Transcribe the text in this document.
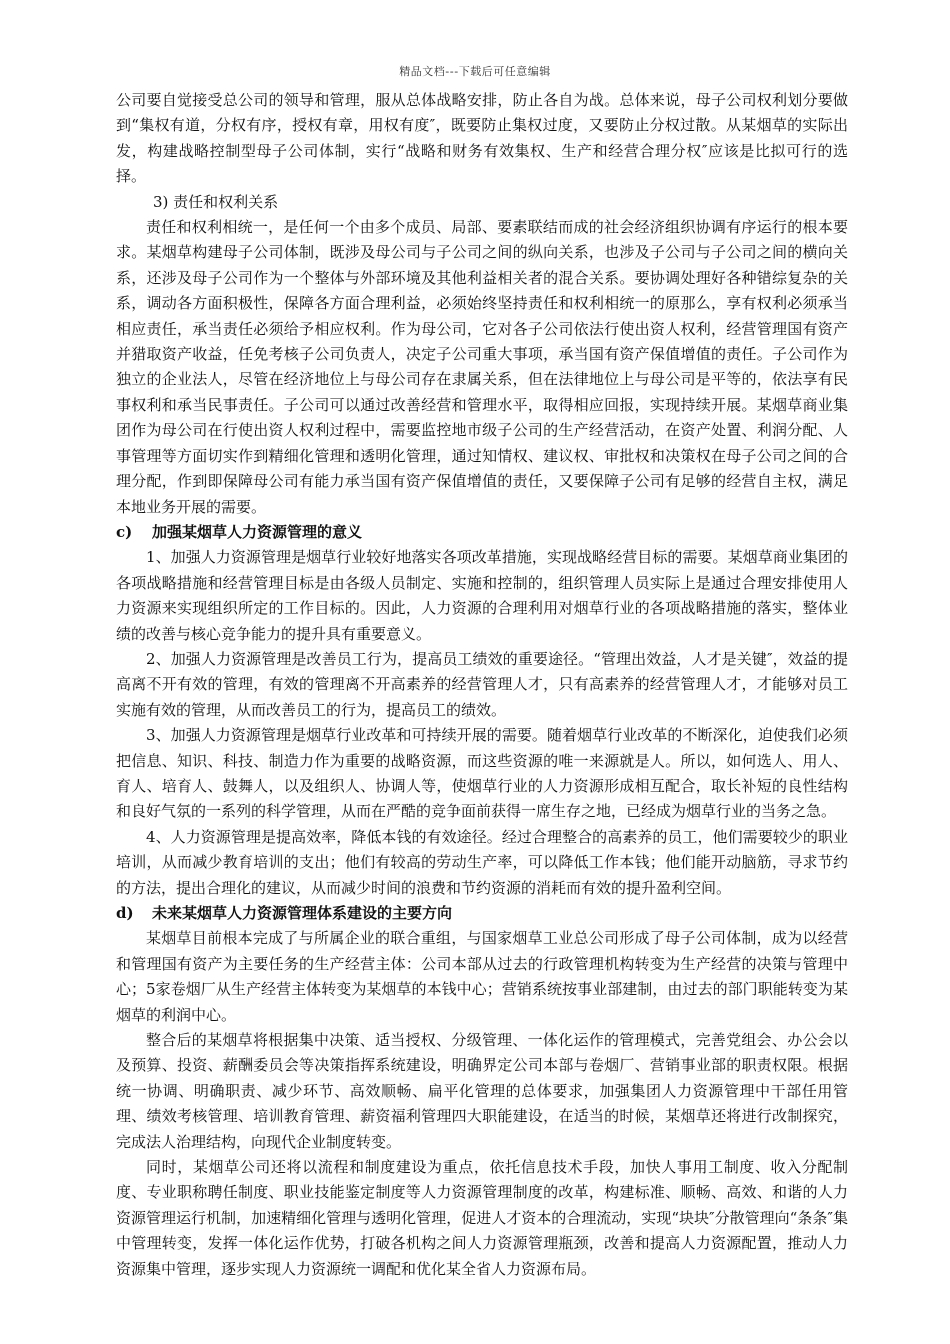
精品文档---下载后可任意编辑

公司要自觉接受总公司的领导和管理，服从总体战略安排，防止各自为战。总体来说，母子公司权利划分要做到“集权有道，分权有序，授权有章，用权有度″，既要防止集权过度，又要防止分权过散。从某烟草的实际出发，构建战略控制型母子公司体制，实行“战略和财务有效集权、生产和经营合理分权″应该是比拟可行的选择。

3) 责任和权利关系

责任和权利相统一，是任何一个由多个成员、局部、要素联结而成的社会经济组织协调有序运行的根本要求。某烟草构建母子公司体制，既涉及母公司与子公司之间的纵向关系，也涉及子公司与子公司之间的横向关系，还涉及母子公司作为一个整体与外部环境及其他利益相关者的混合关系。要协调处理好各种错综复杂的关系，调动各方面积极性，保障各方面合理利益，必须始终坚持责任和权利相统一的原那么，享有权利必须承当相应责任，承当责任必须给予相应权利。作为母公司，它对各子公司依法行使出资人权利，经营管理国有资产并猎取资产收益，任免考核子公司负责人，决定子公司重大事项，承当国有资产保值增值的责任。子公司作为独立的企业法人，尽管在经济地位上与母公司存在隶属关系，但在法律地位上与母公司是平等的，依法享有民事权利和承当民事责任。子公司可以通过改善经营和管理水平，取得相应回报，实现持续开展。某烟草商业集团作为母公司在行使出资人权利过程中，需要监控地市级子公司的生产经营活动，在资产处置、利润分配、人事管理等方面切实作到精细化管理和透明化管理，通过知情权、建议权、审批权和决策权在母子公司之间的合理分配，作到即保障母公司有能力承当国有资产保值增值的责任，又要保障子公司有足够的经营自主权，满足本地业务开展的需要。

c) 加强某烟草人力资源管理的意义

1、加强人力资源管理是烟草行业较好地落实各项改革措施，实现战略经营目标的需要。某烟草商业集团的各项战略措施和经营管理目标是由各级人员制定、实施和控制的，组织管理人员实际上是通过合理安排使用人力资源来实现组织所定的工作目标的。因此，人力资源的合理利用对烟草行业的各项战略措施的落实，整体业绩的改善与核心竞争能力的提升具有重要意义。

2、加强人力资源管理是改善员工行为，提高员工绩效的重要途径。“管理出效益，人才是关键″，效益的提高离不开有效的管理，有效的管理离不开高素养的经营管理人才，只有高素养的经营管理人才，才能够对员工实施有效的管理，从而改善员工的行为，提高员工的绩效。

3、加强人力资源管理是烟草行业改革和可持续开展的需要。随着烟草行业改革的不断深化，迫使我们必须把信息、知识、科技、制造力作为重要的战略资源，而这些资源的唯一来源就是人。所以，如何选人、用人、育人、培育人、鼓舞人，以及组织人、协调人等，使烟草行业的人力资源形成相互配合，取长补短的良性结构和良好气氛的一系列的科学管理，从而在严酷的竞争面前获得一席生存之地，已经成为烟草行业的当务之急。

4、人力资源管理是提高效率，降低本钱的有效途径。经过合理整合的高素养的员工，他们需要较少的职业培训，从而减少教育培训的支出；他们有较高的劳动生产率，可以降低工作本钱；他们能开动脑筋，寻求节约的方法，提出合理化的建议，从而减少时间的浪费和节约资源的消耗而有效的提升盈利空间。

d) 未来某烟草人力资源管理体系建设的主要方向

某烟草目前根本完成了与所属企业的联合重组，与国家烟草工业总公司形成了母子公司体制，成为以经营和管理国有资产为主要任务的生产经营主体：公司本部从过去的行政管理机构转变为生产经营的决策与管理中心；5家卷烟厂从生产经营主体转变为某烟草的本钱中心；营销系统按事业部建制，由过去的部门职能转变为某烟草的利润中心。

整合后的某烟草将根据集中决策、适当授权、分级管理、一体化运作的管理模式，完善党组会、办公会以及预算、投资、薪酬委员会等决策指挥系统建设，明确界定公司本部与卷烟厂、营销事业部的职责权限。根据统一协调、明确职责、减少环节、高效顺畅、扁平化管理的总体要求，加强集团人力资源管理中干部任用管理、绩效考核管理、培训教育管理、薪资福利管理四大职能建设，在适当的时候，某烟草还将进行改制探究，完成法人治理结构，向现代企业制度转变。

同时，某烟草公司还将以流程和制度建设为重点，依托信息技术手段，加快人事用工制度、收入分配制度、专业职称聘任制度、职业技能鉴定制度等人力资源管理制度的改革，构建标准、顺畅、高效、和谐的人力资源管理运行机制，加速精细化管理与透明化管理，促进人才资本的合理流动，实现“块块″分散管理向“条条″集中管理转变，发挥一体化运作优势，打破各机构之间人力资源管理瓶颈，改善和提高人力资源配置，推动人力资源集中管理，逐步实现人力资源统一调配和优化某全省人力资源布局。
